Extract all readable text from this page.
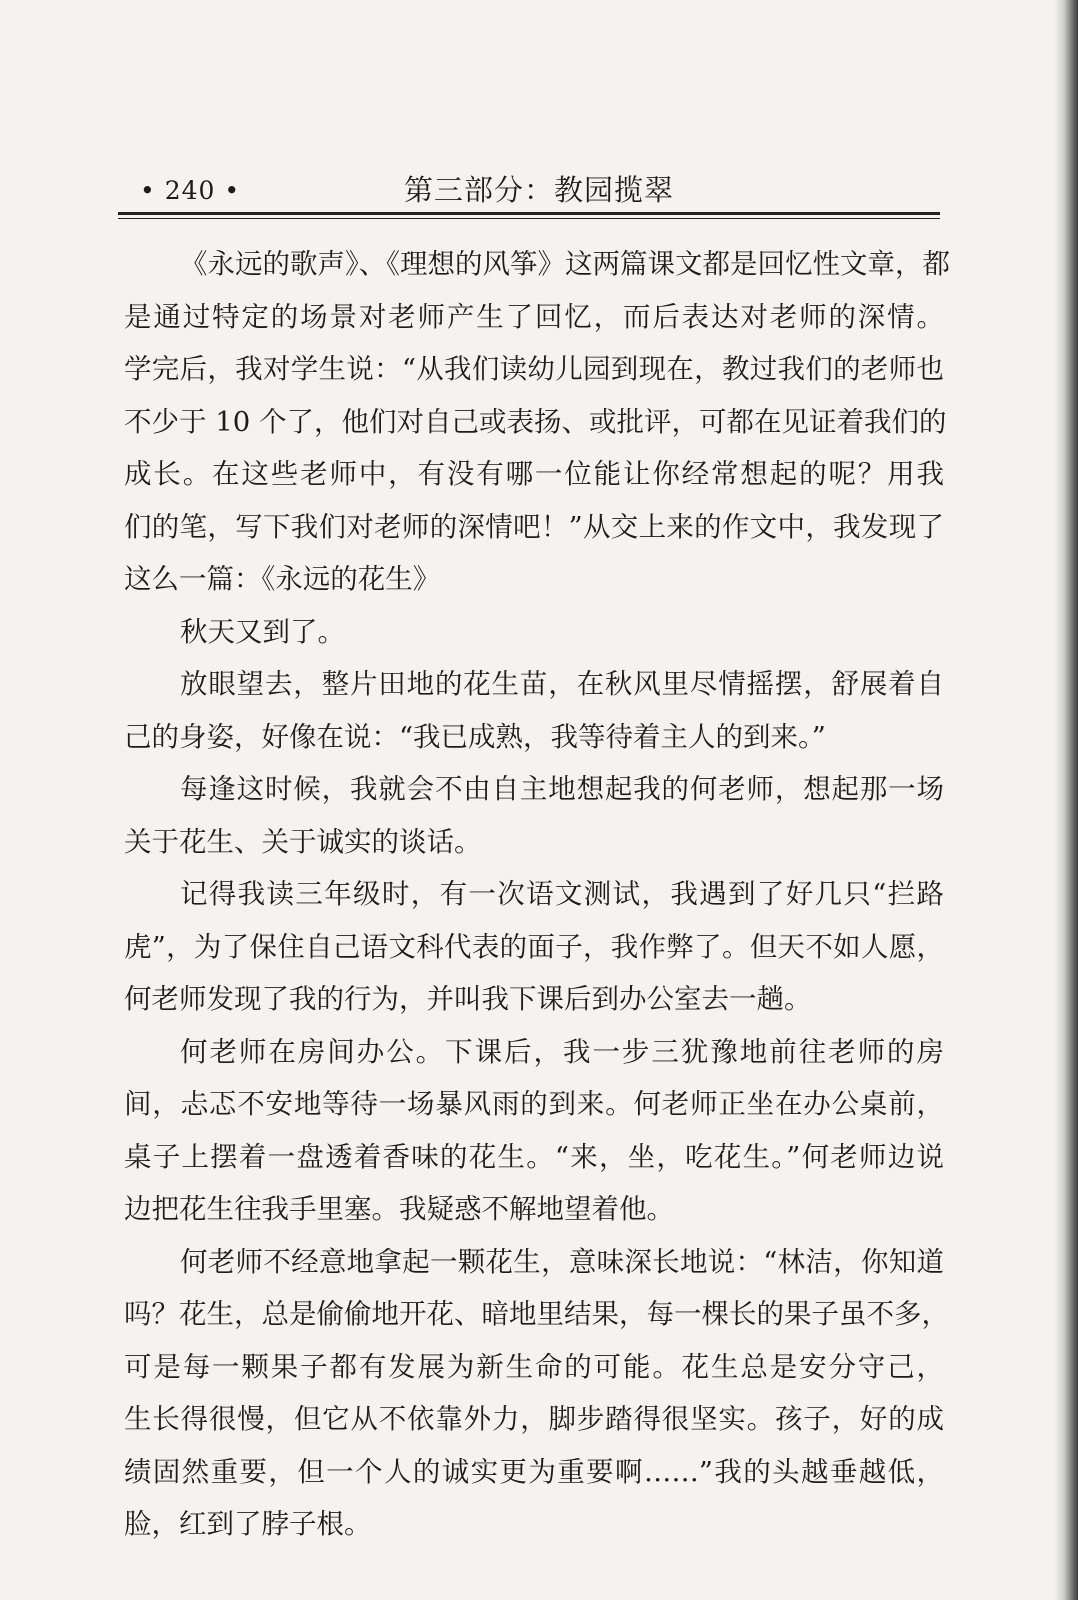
• 240 •	第三部分：教园揽翠
《永远的歌声》、《理想的风筝》这两篇课文都是回忆性文章，都
是通过特定的场景对老师产生了回忆，而后表达对老师的深情。
学完后，我对学生说：“从我们读幼儿园到现在，教过我们的老师也
不少于 10 个了，他们对自己或表扬、或批评，可都在见证着我们的
成长。在这些老师中，有没有哪一位能让你经常想起的呢？用我
们的笔，写下我们对老师的深情吧！”从交上来的作文中，我发现了
这么一篇：《永远的花生》
秋天又到了。
放眼望去，整片田地的花生苗，在秋风里尽情摇摆，舒展着自
己的身姿，好像在说：“我已成熟，我等待着主人的到来。”
每逢这时候，我就会不由自主地想起我的何老师，想起那一场
关于花生、关于诚实的谈话。
记得我读三年级时，有一次语文测试，我遇到了好几只“拦路
虎”，为了保住自己语文科代表的面子，我作弊了。但天不如人愿，
何老师发现了我的行为，并叫我下课后到办公室去一趟。
何老师在房间办公。下课后，我一步三犹豫地前往老师的房
间，忐忑不安地等待一场暴风雨的到来。何老师正坐在办公桌前，
桌子上摆着一盘透着香味的花生。“来，坐，吃花生。”何老师边说
边把花生往我手里塞。我疑惑不解地望着他。
何老师不经意地拿起一颗花生，意味深长地说：“林洁，你知道
吗？花生，总是偷偷地开花、暗地里结果，每一棵长的果子虽不多，
可是每一颗果子都有发展为新生命的可能。花生总是安分守己，
生长得很慢，但它从不依靠外力，脚步踏得很坚实。孩子，好的成
绩固然重要，但一个人的诚实更为重要啊……”我的头越垂越低，
脸，红到了脖子根。
